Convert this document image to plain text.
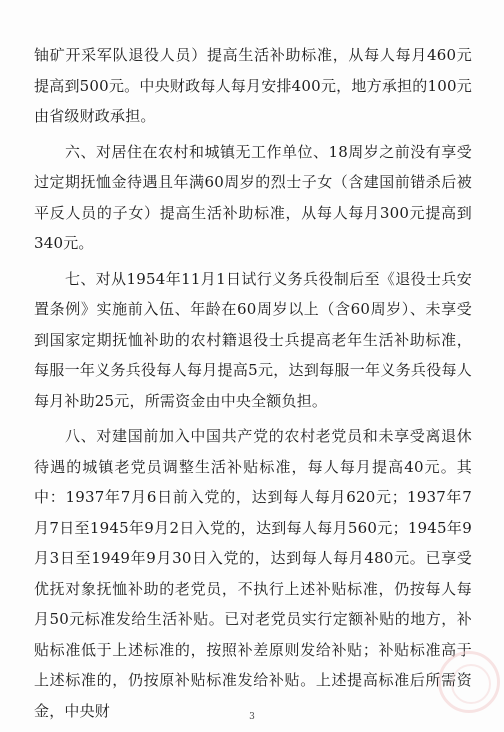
铀矿开采军队退役人员）提高生活补助标准，从每人每月460元提高到500元。中央财政每人每月安排400元，地方承担的100元由省级财政承担。

六、对居住在农村和城镇无工作单位、18周岁之前没有享受过定期抚恤金待遇且年满60周岁的烈士子女（含建国前错杀后被平反人员的子女）提高生活补助标准，从每人每月300元提高到340元。

七、对从1954年11月1日试行义务兵役制后至《退役士兵安置条例》实施前入伍、年龄在60周岁以上（含60周岁）、未享受到国家定期抚恤补助的农村籍退役士兵提高老年生活补助标准，每服一年义务兵役每人每月提高5元，达到每服一年义务兵役每人每月补助25元，所需资金由中央全额负担。

八、对建国前加入中国共产党的农村老党员和未享受离退休待遇的城镇老党员调整生活补贴标准，每人每月提高40元。其中：1937年7月6日前入党的，达到每人每月620元；1937年7月7日至1945年9月2日入党的，达到每人每月560元；1945年9月3日至1949年9月30日入党的，达到每人每月480元。已享受优抚对象抚恤补助的老党员，不执行上述补贴标准，仍按每人每月50元标准发给生活补贴。已对老党员实行定额补贴的地方，补贴标准低于上述标准的，按照补差原则发给补贴；补贴标准高于上述标准的，仍按原补贴标准发给补贴。上述提高标准后所需资金，中央财	3
